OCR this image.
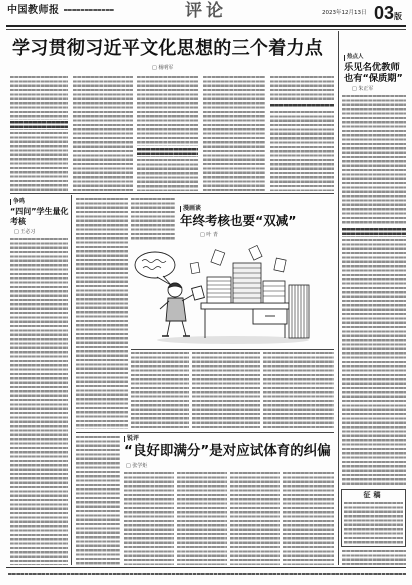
中国教师报	评论	2023年12月13日 03版
学习贯彻习近平文化思想的三个着力点
□ 杨明军
热点人
乐见名优教师
也有“保质期”
□ 朱正军
征稿
争鸣
“四问”学生量化
考核
□ 王必习
漫画谈
年终考核也要“双减”
□ 叶 青
锐评
“良好即满分”是对应试体育的纠偏
□ 张学炬
